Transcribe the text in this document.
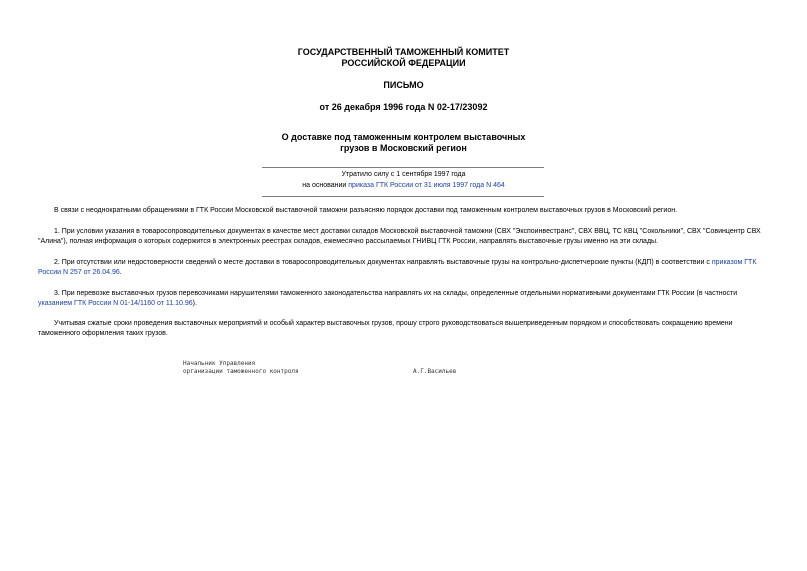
ГОСУДАРСТВЕННЫЙ ТАМОЖЕННЫЙ КОМИТЕТ
РОССИЙСКОЙ ФЕДЕРАЦИИ
ПИСЬМО
от 26 декабря 1996 года N 02-17/23092
О доставке под таможенным контролем выставочных
грузов в Московский регион
Утратило силу с 1 сентября 1997 года
на основании приказа ГТК России от 31 июля 1997 года N 464
В связи с неоднократными обращениями в ГТК России Московской выставочной таможни разъясняю порядок доставки под таможенным контролем выставочных грузов в Московский регион.
1. При условии указания в товаросопроводительных документах в качестве мест доставки складов Московской выставочной таможни (СВХ "Экспоинвестранс", СВХ ВВЦ, ТС КВЦ "Сокольники", СВХ "Совинцентр СВХ "Алина"), полная информация о которых содержится в электронных реестрах складов, ежемесячно рассылаемых ГНИВЦ ГТК России, направлять выставочные грузы именно на эти склады.
2. При отсутствии или недостоверности сведений о месте доставки в товаросопроводительных документах направлять выставочные грузы на контрольно-диспетчерские пункты (КДП) в соответствии с приказом ГТК России N 257 от 26.04.96.
3. При перевозке выставочных грузов перевозчиками нарушителями таможенного законодательства направлять их на склады, определенные отдельными нормативными документами ГТК России (в частности указанием ГТК России N 01-14/1160 от 11.10.96).
Учитывая сжатые сроки проведения выставочных мероприятий и особый характер выставочных грузов, прошу строго руководствоваться вышеприведенным порядком и способствовать сокращению времени таможенного оформления таких грузов.
Начальник Управления
организации таможенного контроля	А.Г.Васильев
